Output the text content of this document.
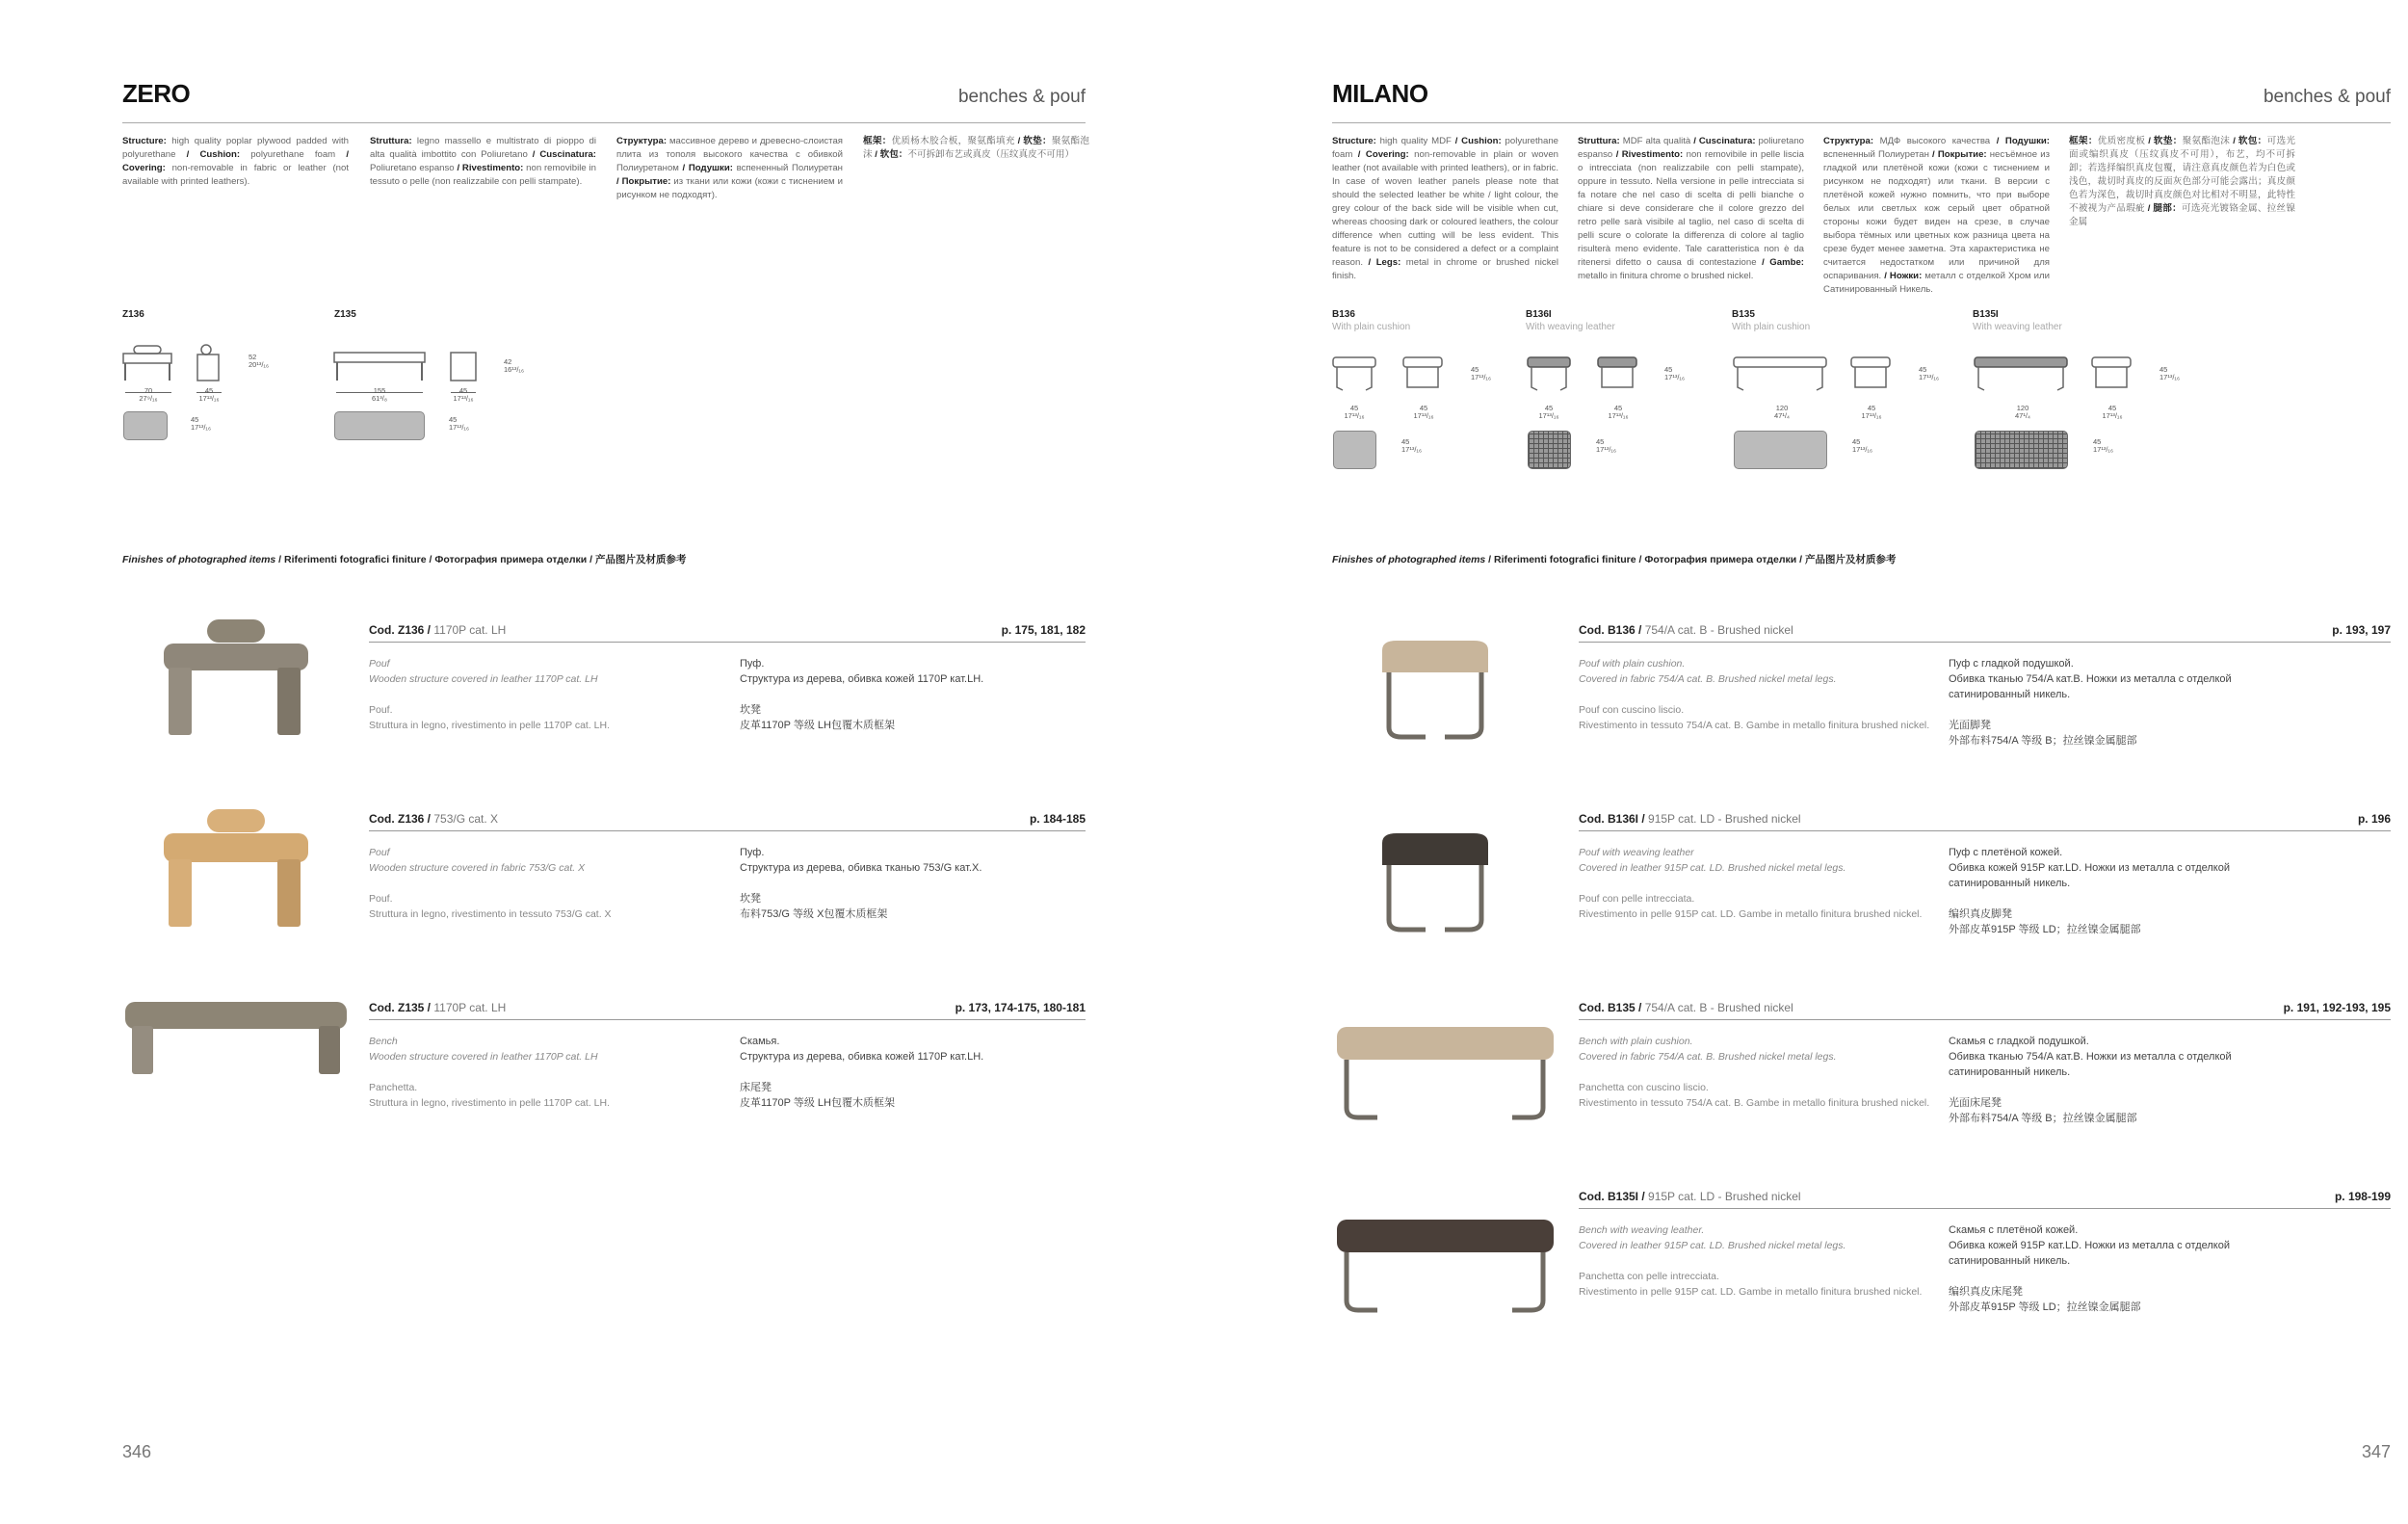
ZERO	benches & pouf
Structure: high quality poplar plywood padded with polyurethane / Cushion: polyurethane foam / Covering: non-removable in fabric or leather (not available with printed leathers).
Struttura: legno massello e multistrato di pioppo di alta qualità imbottito con Poliuretano / Cuscinatura: Poliuretano espanso / Rivestimento: non removibile in tessuto o pelle (non realizzabile con pelli stampate).
Структура: массивное дерево и древесно-слоистая плита из тополя высокого качества с обивкой Полиуретаном / Подушки: вспененный Полиуретан / Покрытие: из ткани или кожи (кожи с тиснением и рисунком не подходят).
框架：优质杨木胶合板，聚氨酯填充 / 软垫：聚氨酯泡沫 / 软包：不可拆卸布艺或真皮（压纹真皮不可用）
Z136	Z135
52
20¹³/₁₆
70
27⁹/₁₆
45
17¹³/₁₆
45
17¹³/₁₆
42
16¹³/₁₆
155
61³/₈
45
17¹³/₁₆
45
17¹³/₁₆
Finishes of photographed items / Riferimenti fotografici finiture / Фотография примера отделки / 产品图片及材质参考
Cod. Z136 / 1170P cat. LH	p. 175, 181, 182
Pouf
Wooden structure covered in leather 1170P cat. LH

Pouf.
Struttura in legno, rivestimento in pelle 1170P cat. LH.
Пуф.
Структура из дерева, обивка кожей 1170P кат.LH.

坎凳
皮革1170P 等级 LH包覆木质框架
Cod. Z136 / 753/G cat. X	p. 184-185
Pouf
Wooden structure covered in fabric 753/G cat. X

Pouf.
Struttura in legno, rivestimento in tessuto 753/G cat. X
Пуф.
Структура из дерева, обивка тканью 753/G кат.Х.

坎凳
布料753/G 等级 X包覆木质框架
Cod. Z135 / 1170P cat. LH	p. 173, 174-175, 180-181
Bench
Wooden structure covered in leather 1170P cat. LH

Panchetta.
Struttura in legno, rivestimento in pelle 1170P cat. LH.
Скамья.
Структура из дерева, обивка кожей 1170P кат.LH.

床尾凳
皮革1170P 等级 LH包覆木质框架
346
MILANO	benches & pouf
Structure: high quality MDF / Cushion: polyurethane foam / Covering: non-removable in plain or woven leather (not available with printed leathers), or in fabric. In case of woven leather panels please note that should the selected leather be white / light colour, the grey colour of the back side will be visible when cut, whereas choosing dark or coloured leathers, the colour difference when cutting will be less evident. This feature is not to be considered a defect or a complaint reason. / Legs: metal in chrome or brushed nickel finish.
Struttura: MDF alta qualità / Cuscinatura: poliuretano espanso / Rivestimento: non removibile in pelle liscia o intrecciata (non realizzabile con pelli stampate), oppure in tessuto. Nella versione in pelle intrecciata si fa notare che nel caso di scelta di pelli bianche o chiare si deve considerare che il colore grezzo del retro pelle sarà visibile al taglio, nel caso di scelta di pelli scure o colorate la differenza di colore al taglio risulterà meno evidente. Tale caratteristica non è da ritenersi difetto o causa di contestazione / Gambe: metallo in finitura chrome o brushed nickel.
Структура: МДФ высокого качества / Подушки: вспененный Полиуретан / Покрытие: несъёмное из гладкой или плетёной кожи (кожи с тиснением и рисунком не подходят) или ткани. В версии с плетёной кожей нужно помнить, что при выборе белых или светлых кож серый цвет обратной стороны кожи будет виден на срезе, в случае выбора тёмных или цветных кож разница цвета на срезе будет менее заметна. Эта характеристика не считается недостатком или причиной для оспаривания. / Ножки: металл с отделкой Хром или Сатинированный Никель.
框架：优质密度板 / 软垫：聚氨酯泡沫 / 软包：可选光面或编织真皮（压纹真皮不可用），布艺，均不可拆卸；若选择编织真皮包覆，请注意真皮颜色若为白色或浅色，裁切时真皮的反面灰色部分可能会露出；真皮颜色若为深色，裁切时真皮颜色对比相对不明显，此特性不被视为产品瑕疵 / 腿部：可选亮光镀铬金属、拉丝镍金属
B136
With plain cushion
B136I
With weaving leather
B135
With plain cushion
B135I
With weaving leather
45
17¹³/₁₆
45
17¹³/₁₆
45
17¹³/₁₆
45
17¹³/₁₆
45
17¹³/₁₆
45
17¹³/₁₆
45
17¹³/₁₆
45
17¹³/₁₆
45
17¹³/₁₆
120
47¹/₄
45
17¹³/₁₆
45
17¹³/₁₆
45
17¹³/₁₆
120
47¹/₄
45
17¹³/₁₆
45
17¹³/₁₆
Finishes of photographed items / Riferimenti fotografici finiture / Фотография примера отделки / 产品图片及材质参考
Cod. B136 / 754/A cat. B - Brushed nickel	p. 193, 197
Pouf with plain cushion.
Covered in fabric 754/A cat. B. Brushed nickel metal legs.

Pouf con cuscino liscio.
Rivestimento in tessuto 754/A cat. B. Gambe in metallo finitura brushed nickel.
Пуф с гладкой подушкой.
Обивка тканью 754/A кат.В. Ножки из металла с отделкой сатинированный никель.

光面脚凳
外部布料754/A 等级 B；拉丝镍金属腿部
Cod. B136I / 915P cat. LD - Brushed nickel	p. 196
Pouf with weaving leather
Covered in leather 915P cat. LD. Brushed nickel metal legs.

Pouf con pelle intrecciata.
Rivestimento in pelle 915P cat. LD. Gambe in metallo finitura brushed nickel.
Пуф с плетёной кожей.
Обивка кожей 915P кат.LD. Ножки из металла с отделкой сатинированный никель.

编织真皮脚凳
外部皮革915P 等级 LD；拉丝镍金属腿部
Cod. B135 / 754/A cat. B - Brushed nickel	p. 191, 192-193, 195
Bench with plain cushion.
Covered in fabric 754/A cat. B. Brushed nickel metal legs.

Panchetta con cuscino liscio.
Rivestimento in tessuto 754/A cat. B. Gambe in metallo finitura brushed nickel.
Скамья с гладкой подушкой.
Обивка тканью 754/A кат.В. Ножки из металла с отделкой сатинированный никель.

光面床尾凳
外部布料754/A 等级 B；拉丝镍金属腿部
Cod. B135I / 915P cat. LD - Brushed nickel	p. 198-199
Bench with weaving leather.
Covered in leather 915P cat. LD. Brushed nickel metal legs.

Panchetta con pelle intrecciata.
Rivestimento in pelle 915P cat. LD. Gambe in metallo finitura brushed nickel.
Скамья с плетёной кожей.
Обивка кожей 915P кат.LD. Ножки из металла с отделкой сатинированный никель.

编织真皮床尾凳
外部皮革915P 等级 LD；拉丝镍金属腿部
347
